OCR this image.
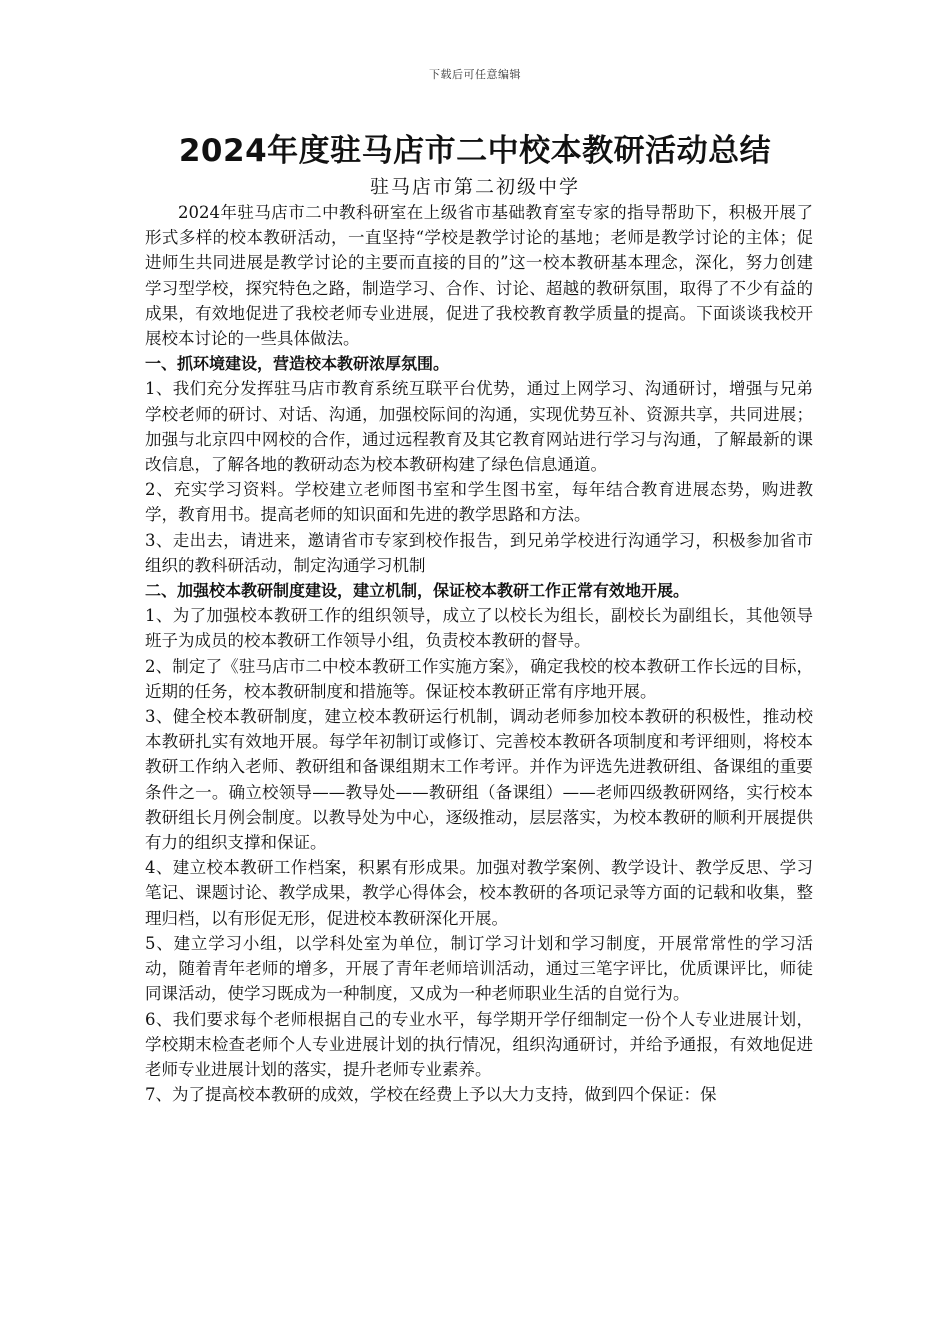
下载后可任意编辑
2024年度驻马店市二中校本教研活动总结
驻马店市第二初级中学

2024年驻马店市二中教科研室在上级省市基础教育室专家的指导帮助下，积极开展了形式多样的校本教研活动，一直坚持“学校是教学讨论的基地；老师是教学讨论的主体；促进师生共同进展是教学讨论的主要而直接的目的”这一校本教研基本理念，深化，努力创建学习型学校，探究特色之路，制造学习、合作、讨论、超越的教研氛围，取得了不少有益的成果，有效地促进了我校老师专业进展，促进了我校教育教学质量的提高。下面谈谈我校开展校本讨论的一些具体做法。

一、抓环境建设，营造校本教研浓厚氛围。

1、我们充分发挥驻马店市教育系统互联平台优势，通过上网学习、沟通研讨，增强与兄弟学校老师的研讨、对话、沟通，加强校际间的沟通，实现优势互补、资源共享，共同进展；加强与北京四中网校的合作，通过远程教育及其它教育网站进行学习与沟通，了解最新的课改信息，了解各地的教研动态为校本教研构建了绿色信息通道。

2、充实学习资料。学校建立老师图书室和学生图书室，每年结合教育进展态势，购进教学，教育用书。提高老师的知识面和先进的教学思路和方法。

3、走出去，请进来，邀请省市专家到校作报告，到兄弟学校进行沟通学习，积极参加省市组织的教科研活动，制定沟通学习机制

二、加强校本教研制度建设，建立机制，保证校本教研工作正常有效地开展。

1、为了加强校本教研工作的组织领导，成立了以校长为组长，副校长为副组长，其他领导班子为成员的校本教研工作领导小组，负责校本教研的督导。

2、制定了《驻马店市二中校本教研工作实施方案》，确定我校的校本教研工作长远的目标，近期的任务，校本教研制度和措施等。保证校本教研正常有序地开展。

3、健全校本教研制度，建立校本教研运行机制，调动老师参加校本教研的积极性，推动校本教研扎实有效地开展。每学年初制订或修订、完善校本教研各项制度和考评细则，将校本教研工作纳入老师、教研组和备课组期末工作考评。并作为评选先进教研组、备课组的重要条件之一。确立校领导——教导处——教研组（备课组）——老师四级教研网络，实行校本教研组长月例会制度。以教导处为中心，逐级推动，层层落实，为校本教研的顺利开展提供有力的组织支撑和保证。

4、建立校本教研工作档案，积累有形成果。加强对教学案例、教学设计、教学反思、学习笔记、课题讨论、教学成果，教学心得体会，校本教研的各项记录等方面的记载和收集，整理归档，以有形促无形，促进校本教研深化开展。

5、建立学习小组，以学科处室为单位，制订学习计划和学习制度，开展常常性的学习活动，随着青年老师的增多，开展了青年老师培训活动，通过三笔字评比，优质课评比，师徒同课活动，使学习既成为一种制度，又成为一种老师职业生活的自觉行为。

6、我们要求每个老师根据自己的专业水平，每学期开学仔细制定一份个人专业进展计划，学校期末检查老师个人专业进展计划的执行情况，组织沟通研讨，并给予通报，有效地促进老师专业进展计划的落实，提升老师专业素养。

7、为了提高校本教研的成效，学校在经费上予以大力支持，做到四个保证：保
